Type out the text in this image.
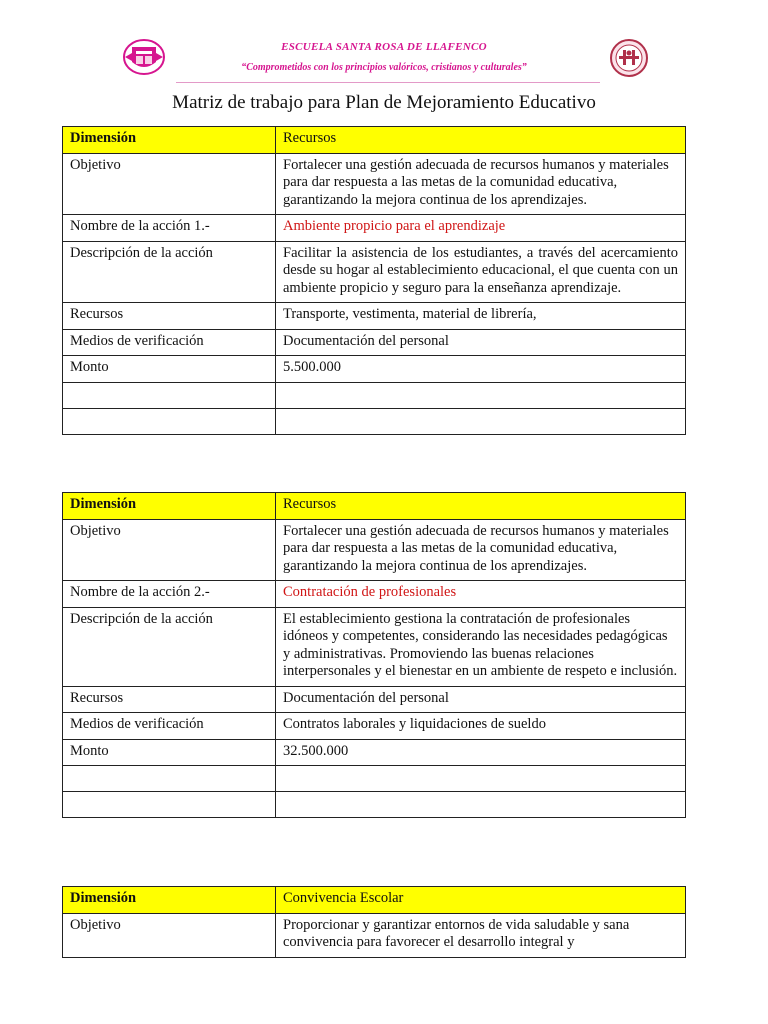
ESCUELA SANTA ROSA DE LLAFENCO
“Comprometidos con los principios valóricos, cristianos y culturales”
Matriz de trabajo para Plan de Mejoramiento Educativo
Dimensión	Recursos
Objetivo	Fortalecer una gestión adecuada de recursos humanos y materiales para dar respuesta a las metas de la comunidad educativa, garantizando la mejora continua de los aprendizajes.
Nombre de la acción 1.-	Ambiente propicio para el aprendizaje
Descripción de la acción	Facilitar la asistencia de los estudiantes, a través del acercamiento desde su hogar al establecimiento educacional, el que cuenta con un ambiente propicio y seguro para la enseñanza aprendizaje.
Recursos	Transporte, vestimenta, material de librería,
Medios de verificación	Documentación del personal
Monto	5.500.000

Dimensión	Recursos
Objetivo	Fortalecer una gestión adecuada de recursos humanos y materiales para dar respuesta a las metas de la comunidad educativa, garantizando la mejora continua de los aprendizajes.
Nombre de la acción 2.-	Contratación de profesionales
Descripción de la acción	El establecimiento gestiona la contratación de profesionales idóneos y competentes, considerando las necesidades pedagógicas y administrativas. Promoviendo las buenas relaciones interpersonales y el bienestar en un ambiente de respeto e inclusión.
Recursos	Documentación del personal
Medios de verificación	Contratos laborales y liquidaciones de sueldo
Monto	32.500.000

Dimensión	Convivencia Escolar
Objetivo	Proporcionar y garantizar entornos de vida saludable y sana convivencia para favorecer el desarrollo integral y
